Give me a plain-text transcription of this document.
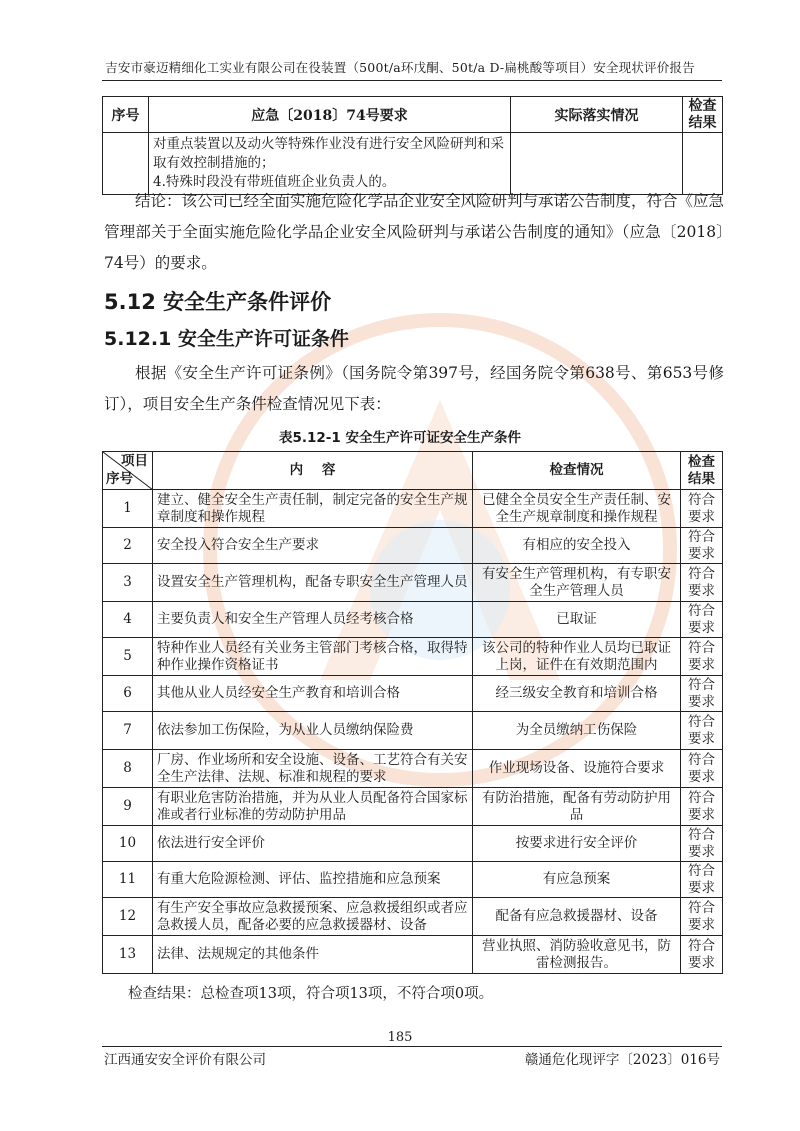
吉安市豪迈精细化工实业有限公司在役装置（500t/a环戊酮、50t/a D-扁桃酸等项目）安全现状评价报告
序号	应急〔2018〕74号要求	实际落实情况	检查结果
	对重点装置以及动火等特殊作业没有进行安全风险研判和采取有效控制措施的；
4.特殊时段没有带班值班企业负责人的。		
结论：该公司已经全面实施危险化学品企业安全风险研判与承诺公告制度，符合《应急管理部关于全面实施危险化学品企业安全风险研判与承诺公告制度的通知》（应急〔2018〕74号）的要求。
5.12 安全生产条件评价
5.12.1 安全生产许可证条件
根据《安全生产许可证条例》（国务院令第397号，经国务院令第638号、第653号修订），项目安全生产条件检查情况见下表：
表5.12-1 安全生产许可证安全生产条件
项目
序号	内    容	检查情况	检查结果
1	建立、健全安全生产责任制，制定完备的安全生产规章制度和操作规程	已健全全员安全生产责任制、安全生产规章制度和操作规程	符合要求
2	安全投入符合安全生产要求	有相应的安全投入	符合要求
3	设置安全生产管理机构，配备专职安全生产管理人员	有安全生产管理机构，有专职安全生产管理人员	符合要求
4	主要负责人和安全生产管理人员经考核合格	已取证	符合要求
5	特种作业人员经有关业务主管部门考核合格，取得特种作业操作资格证书	该公司的特种作业人员均已取证上岗，证件在有效期范围内	符合要求
6	其他从业人员经安全生产教育和培训合格	经三级安全教育和培训合格	符合要求
7	依法参加工伤保险，为从业人员缴纳保险费	为全员缴纳工伤保险	符合要求
8	厂房、作业场所和安全设施、设备、工艺符合有关安全生产法律、法规、标准和规程的要求	作业现场设备、设施符合要求	符合要求
9	有职业危害防治措施，并为从业人员配备符合国家标准或者行业标准的劳动防护用品	有防治措施，配备有劳动防护用品	符合要求
10	依法进行安全评价	按要求进行安全评价	符合要求
11	有重大危险源检测、评估、监控措施和应急预案	有应急预案	符合要求
12	有生产安全事故应急救援预案、应急救援组织或者应急救援人员，配备必要的应急救援器材、设备	配备有应急救援器材、设备	符合要求
13	法律、法规规定的其他条件	营业执照、消防验收意见书，防雷检测报告。	符合要求
检查结果：总检查项13项，符合项13项，不符合项0项。
185
江西通安安全评价有限公司	赣通危化现评字〔2023〕016号
